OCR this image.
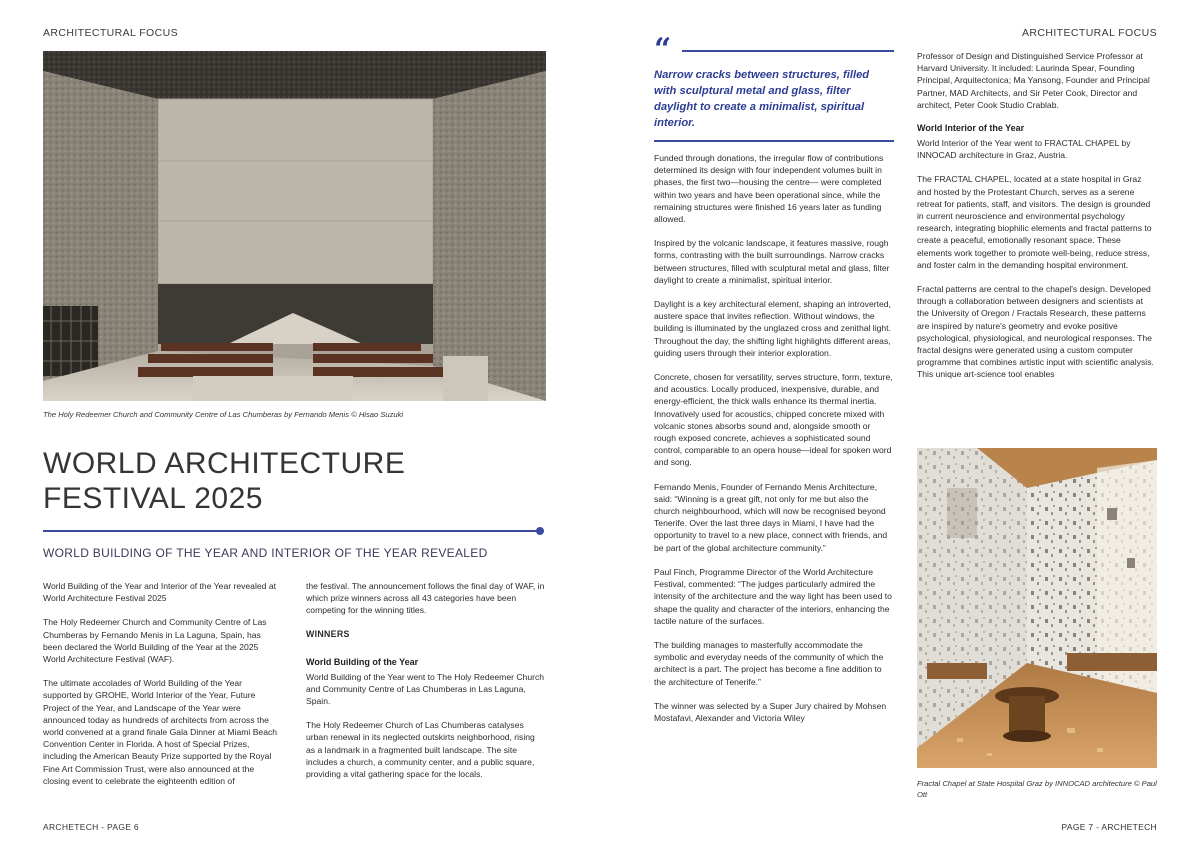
ARCHITECTURAL FOCUS	ARCHITECTURAL FOCUS
The Holy Redeemer Church and Community Centre of Las Chumberas by Fernando Menis © Hisao Suzuki
WORLD ARCHITECTURE
FESTIVAL 2025
WORLD BUILDING OF THE YEAR AND INTERIOR OF THE YEAR REVEALED

World Building of the Year and Interior of the Year revealed at World Architecture Festival 2025

The Holy Redeemer Church and Community Centre of Las Chumberas by Fernando Menis in La Laguna, Spain, has been declared the World Building of the Year at the 2025 World Architecture Festival (WAF).

The ultimate accolades of World Building of the Year supported by GROHE, World Interior of the Year, Future Project of the Year, and Landscape of the Year were announced today as hundreds of architects from across the world convened at a grand finale Gala Dinner at Miami Beach Convention Center in Florida. A host of Special Prizes, including the American Beauty Prize supported by the Royal Fine Art Commission Trust, were also announced at the closing event to celebrate the eighteenth edition of

the festival. The announcement follows the final day of WAF, in which prize winners across all 43 categories have been competing for the winning titles.

WINNERS

World Building of the Year

World Building of the Year went to The Holy Redeemer Church and Community Centre of Las Chumberas in Las Laguna, Spain.

The Holy Redeemer Church of Las Chumberas catalyses urban renewal in its neglected outskirts neighborhood, rising as a landmark in a fragmented built landscape. The site includes a church, a community center, and a public square, providing a vital gathering space for the locals.

“
Narrow cracks between structures, filled with sculptural metal and glass, filter daylight to create a minimalist, spiritual interior.

Funded through donations, the irregular flow of contributions determined its design with four independent volumes built in phases, the first two—housing the centre— were completed within two years and have been operational since, while the remaining structures were finished 16 years later as funding allowed.

Inspired by the volcanic landscape, it features massive, rough forms, contrasting with the built surroundings. Narrow cracks between structures, filled with sculptural metal and glass, filter daylight to create a minimalist, spiritual interior.

Daylight is a key architectural element, shaping an introverted, austere space that invites reflection. Without windows, the building is illuminated by the unglazed cross and zenithal light. Throughout the day, the shifting light highlights different areas, guiding users through their interior exploration.

Concrete, chosen for versatility, serves structure, form, texture, and acoustics. Locally produced, inexpensive, durable, and energy-efficient, the thick walls enhance its thermal inertia. Innovatively used for acoustics, chipped concrete mixed with volcanic stones absorbs sound and, alongside smooth or rough exposed concrete, achieves a sophisticated sound control, comparable to an opera house—ideal for spoken word and song.

Fernando Menis, Founder of Fernando Menis Architecture, said: “Winning is a great gift, not only for me but also the church neighbourhood, which will now be recognised beyond Tenerife. Over the last three days in Miami, I have had the opportunity to travel to a new place, connect with friends, and be part of the global architecture community.”

Paul Finch, Programme Director of the World Architecture Festival, commented: “The judges particularly admired the intensity of the architecture and the way light has been used to shape the quality and character of the interiors, enhancing the tactile nature of the surfaces.

The building manages to masterfully accommodate the symbolic and everyday needs of the community of which the architect is a part. The project has become a fine addition to the architecture of Tenerife.”

The winner was selected by a Super Jury chaired by Mohsen Mostafavi, Alexander and Victoria Wiley

Professor of Design and Distinguished Service Professor at Harvard University. It included: Laurinda Spear, Founding Principal, Arquitectonica; Ma Yansong, Founder and Principal Partner, MAD Architects, and Sir Peter Cook, Director and architect, Peter Cook Studio Crablab.

World Interior of the Year

World Interior of the Year went to FRACTAL CHAPEL by INNOCAD architecture in Graz, Austria.

The FRACTAL CHAPEL, located at a state hospital in Graz and hosted by the Protestant Church, serves as a serene retreat for patients, staff, and visitors. The design is grounded in current neuroscience and environmental psychology research, integrating biophilic elements and fractal patterns to create a peaceful, emotionally resonant space. These elements work together to promote well-being, reduce stress, and foster calm in the demanding hospital environment.

Fractal patterns are central to the chapel's design. Developed through a collaboration between designers and scientists at the University of Oregon / Fractals Research, these patterns are inspired by nature's geometry and evoke positive psychological, physiological, and neurological responses. The fractal designs were generated using a custom computer programme that combines artistic input with scientific analysis. This unique art-science tool enables

Fractal Chapel at State Hospital Graz by INNOCAD architecture © Paul Ott
ARCHETECH - PAGE 6	PAGE 7 - ARCHETECH
